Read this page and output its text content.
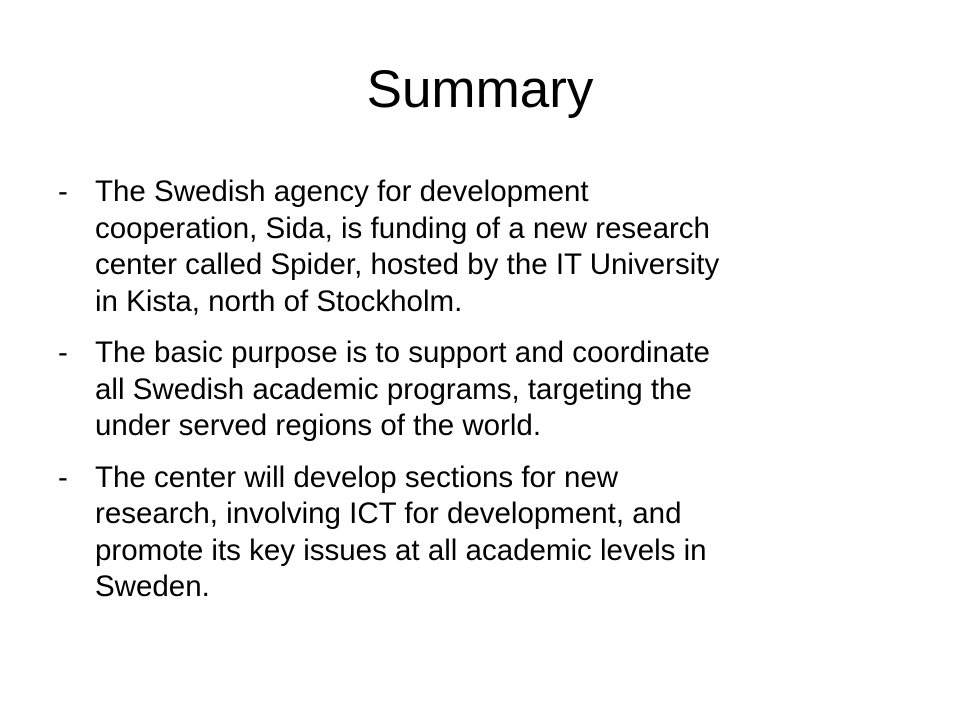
Summary
- The Swedish agency for development
cooperation, Sida, is funding of a new research
center called Spider, hosted by the IT University
in Kista, north of Stockholm.
- The basic purpose is to support and coordinate
all Swedish academic programs, targeting the
under served regions of the world.
- The center will develop sections for new
research, involving ICT for development, and
promote its key issues at all academic levels in
Sweden.
